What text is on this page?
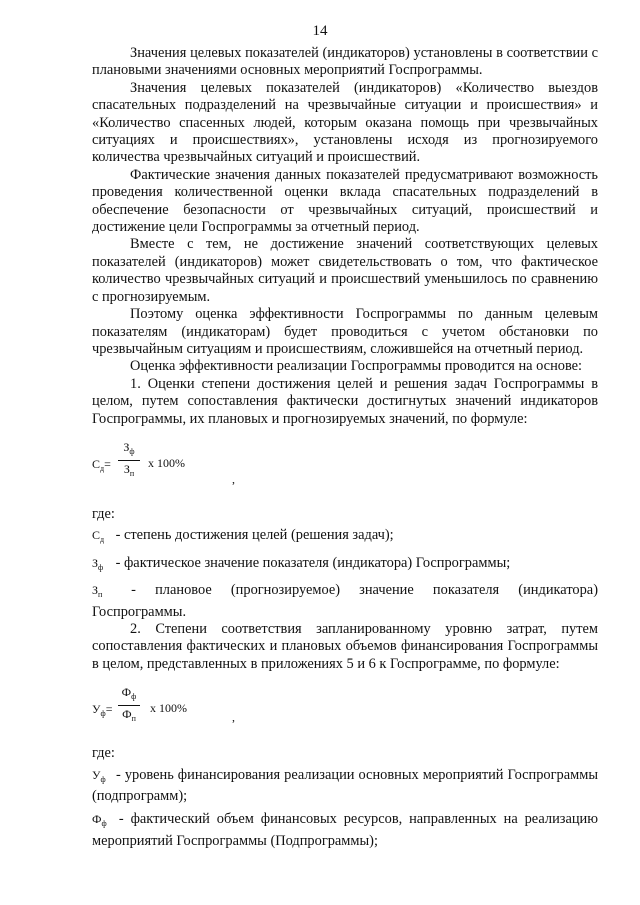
14

Значения целевых показателей (индикаторов) установлены в соответствии с плановыми значениями основных мероприятий Госпрограммы.

Значения целевых показателей (индикаторов) «Количество выездов спасательных подразделений на чрезвычайные ситуации и происшествия» и «Количество спасенных людей, которым оказана помощь при чрезвычайных ситуациях и происшествиях», установлены исходя из прогнозируемого количества чрезвычайных ситуаций и происшествий.

Фактические значения данных показателей предусматривают возможность проведения количественной оценки вклада спасательных подразделений в обеспечение безопасности от чрезвычайных ситуаций, происшествий и достижение цели Госпрограммы за отчетный период.

Вместе с тем, не достижение значений соответствующих целевых показателей (индикаторов) может свидетельствовать о том, что фактическое количество чрезвычайных ситуаций и происшествий уменьшилось по сравнению с прогнозируемым.

Поэтому оценка эффективности Госпрограммы по данным целевым показателям (индикаторам) будет проводиться с учетом обстановки по чрезвычайным ситуациям и происшествиям, сложившейся на отчетный период.

Оценка эффективности реализации Госпрограммы проводится на основе:

1. Оценки степени достижения целей и решения задач Госпрограммы в целом, путем сопоставления фактически достигнутых значений индикаторов Госпрограммы, их плановых и прогнозируемых значений, по формуле:

$С_д=$
$З_ф$
$З_п$
х 100%
,

где:

$С_д$ - степень достижения целей (решения задач);

$З_ф$ - фактическое значение показателя (индикатора) Госпрограммы;

$З_п$ - плановое (прогнозируемое) значение показателя (индикатора) Госпрограммы.

2. Степени соответствия запланированному уровню затрат, путем сопоставления фактических и плановых объемов финансирования Госпрограммы в целом, представленных в приложениях 5 и 6 к Госпрограмме, по формуле:

$У_ф=$
$Ф_ф$
$Ф_п$
х 100%
,

где:

$У_ф$ - уровень финансирования реализации основных мероприятий Госпрограммы (подпрограмм);

$Ф_ф$ - фактический объем финансовых ресурсов, направленных на реализацию мероприятий Госпрограммы (Подпрограммы);
